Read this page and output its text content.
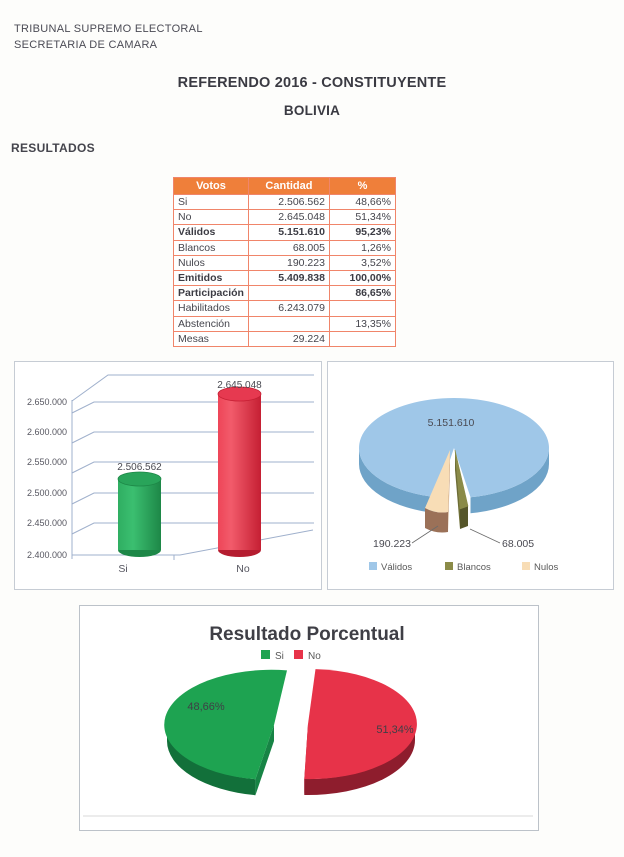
TRIBUNAL SUPREMO ELECTORAL
SECRETARIA DE CAMARA
REFERENDO 2016 - CONSTITUYENTE
BOLIVIA
RESULTADOS
Votos	Cantidad	%
Si	2.506.562	48,66%
No	2.645.048	51,34%
Válidos	5.151.610	95,23%
Blancos	68.005	1,26%
Nulos	190.223	3,52%
Emitidos	5.409.838	100,00%
Participación		86,65%
Habilitados	6.243.079	
Abstención		13,35%
Mesas	29.224	
2.650.000
2.600.000
2.550.000
2.500.000
2.450.000
2.400.000
2.506.562
2.645.048
Si	No
5.151.610
190.223	68.005
Válidos	Blancos	Nulos
Resultado Porcentual
Si No
48,66%
51,34%
